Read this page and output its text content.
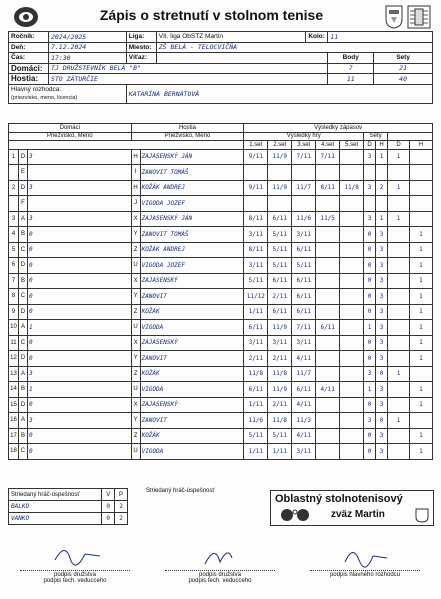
Zápis o stretnutí v stolnom tenise
Ročník:	2024/2025	Liga:	VII. liga ObSTZ Martin	Kolo:	11	
Deň:	7.12.2024	Miesto:	ZŠ BELÁ - TELOCVIČŇA			
Čas:	17:30	Víťaz:			Body	Sety
Domáci:	TJ DRUŽSTEVNÍK BELÁ "B"				7	21
Hostia:	STO ZÁTURČIE				11	40
Hlavný rozhodca:
(priezvisko, meno, licencia)		KATARÍNA BERNÁTOVÁ				
Domáci			Hostia		Výsledky zápasov								
Priezvisko, Meno			Priezvisko, Meno		Výsledky hry					Sety			
					1.set	2.set	3.set	4.set	5.set	D	H	D	H
1	D	3	H	ZAJASENSKÝ JÁN	9/11	11/9	7/11	7/11		3	1	1	
	E		I	ZANOVIT TOMÁŠ									
2	D	3	H	KOŽÁK ANDREJ	9/11	11/9	11/7	8/11	11/8	3	2	1	
	F		J	VIGODA JOZEF									
3	A	3	X	ZAJASENSKÝ JÁN	8/11	6/11	11/6	11/5		3	1	1	
4	B	0	Y	ZANOVIT TOMÁŠ	3/11	5/11	3/11			0	3		1
5	C	0	Z	KOŽÁK ANDREJ	8/11	5/11	6/11			0	3		1
6	D	0	U	VIGODA JOZEF	3/11	5/11	5/11			0	3		1
7	B	0	X	ZAJASENSKÝ	5/11	6/11	6/11			0	3		1
8	C	0	Y	ZANOVIT	11/12	2/11	6/11			0	3		1
9	D	0	Z	KOŽÁK	1/11	6/11	6/11			0	3		1
10	A	1	U	VIGODA	6/11	11/9	7/11	6/11		1	3		1
11	C	0	X	ZAJASENSKÝ	3/11	3/11	3/11			0	3		1
12	D	0	Y	ZANOVIT	2/11	2/11	4/11			0	3		1
13	A	3	Z	KOŽÁK	11/8	11/8	11/7			3	0	1	
14	B	1	U	VIGODA	6/11	11/9	6/11	4/11		1	3		1
15	D	0	X	ZAJASENSKÝ	1/11	2/11	4/11			0	3		1
16	A	3	Y	ZANOVIT	11/6	11/8	11/3			3	0	1	
17	B	0	Z	KOŽÁK	5/11	5/11	4/11			0	3		1
18	C	0	U	VIGODA	1/11	1/11	3/11			0	3		1
Striedaný hráč-úspešnosť	V	P
BALKO	0	2
VANKO	0	2
Striedaný hráč-úspešnosť
Oblastný stolnotenisový
zväz Martin
podpis družstva
podpis tech. veducceho
podpis družstva
podpis tech. veducceho
podpis hlavného rozhodcu
